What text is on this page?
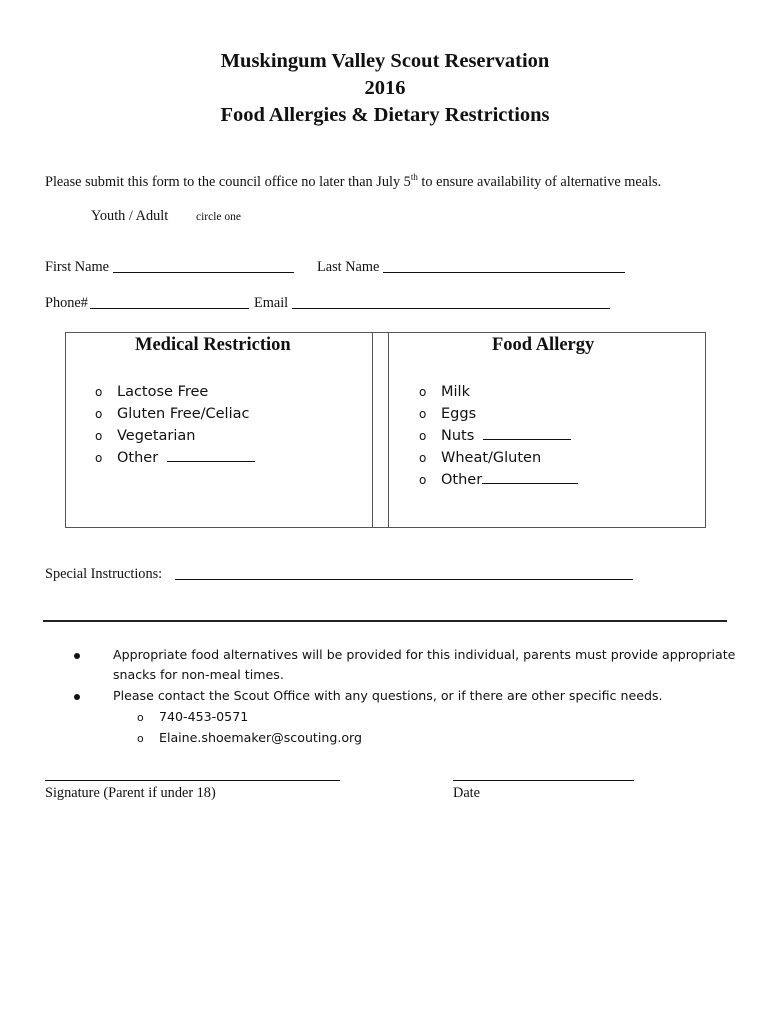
Muskingum Valley Scout Reservation
2016
Food Allergies & Dietary Restrictions
Please submit this form to the council office no later than July 5th to ensure availability of alternative meals.
Youth / Adult circle one
First Name	Last Name
Phone#	Email
Medical Restriction	Food Allergy
o Lactose Free
o Gluten Free/Celiac
o Vegetarian
o Other
o Milk
o Eggs
o Nuts
o Wheat/Gluten
o Other
Special Instructions:
Appropriate food alternatives will be provided for this individual, parents must provide appropriate
snacks for non-meal times.
Please contact the Scout Office with any questions, or if there are other specific needs.
o 740-453-0571
o Elaine.shoemaker@scouting.org
Signature (Parent if under 18)	Date
